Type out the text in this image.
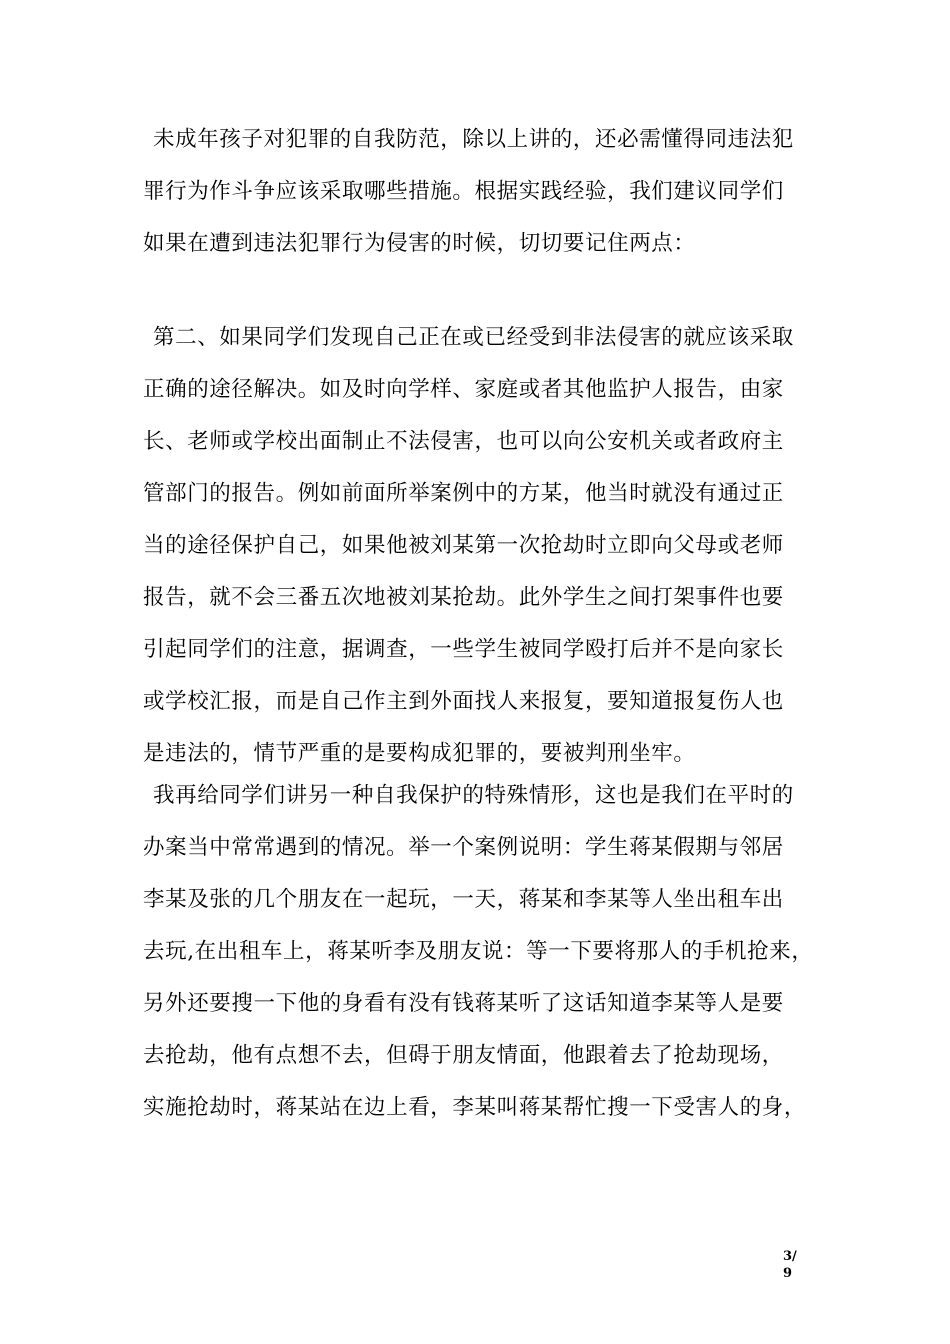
未成年孩子对犯罪的自我防范，除以上讲的，还必需懂得同违法犯
罪行为作斗争应该采取哪些措施。根据实践经验，我们建议同学们
如果在遭到违法犯罪行为侵害的时候，切切要记住两点：
第二、如果同学们发现自己正在或已经受到非法侵害的就应该采取
正确的途径解决。如及时向学样、家庭或者其他监护人报告，由家
长、老师或学校出面制止不法侵害，也可以向公安机关或者政府主
管部门的报告。例如前面所举案例中的方某，他当时就没有通过正
当的途径保护自己，如果他被刘某第一次抢劫时立即向父母或老师
报告，就不会三番五次地被刘某抢劫。此外学生之间打架事件也要
引起同学们的注意，据调查，一些学生被同学殴打后并不是向家长
或学校汇报，而是自己作主到外面找人来报复，要知道报复伤人也
是违法的，情节严重的是要构成犯罪的，要被判刑坐牢。
我再给同学们讲另一种自我保护的特殊情形，这也是我们在平时的
办案当中常常遇到的情况。举一个案例说明：学生蒋某假期与邻居
李某及张的几个朋友在一起玩，一天，蒋某和李某等人坐出租车出
去玩,在出租车上，蒋某听李及朋友说：等一下要将那人的手机抢来，
另外还要搜一下他的身看有没有钱蒋某听了这话知道李某等人是要
去抢劫，他有点想不去，但碍于朋友情面，他跟着去了抢劫现场，
实施抢劫时，蒋某站在边上看，李某叫蒋某帮忙搜一下受害人的身，
3/
9
